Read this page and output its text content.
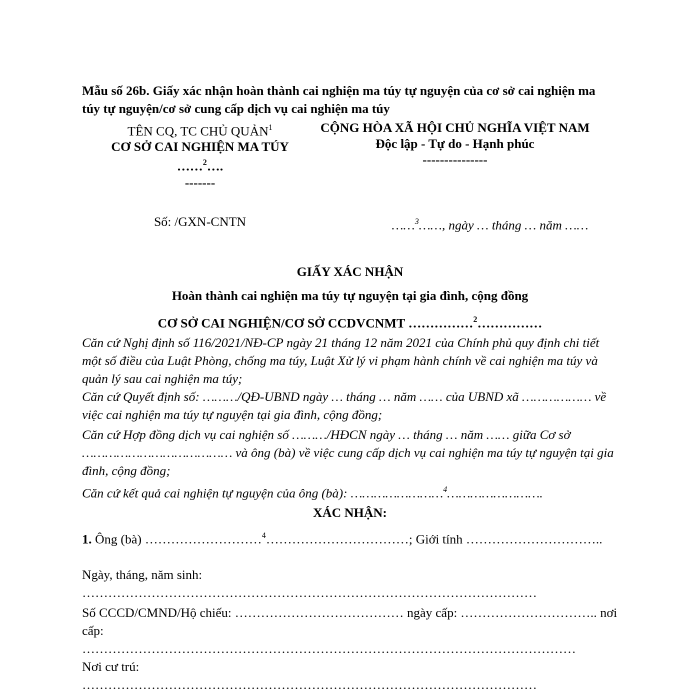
Mẫu số 26b. Giấy xác nhận hoàn thành cai nghiện ma túy tự nguyện của cơ sở cai nghiện ma túy tự nguyện/cơ sở cung cấp dịch vụ cai nghiện ma túy
TÊN CQ, TC CHỦ QUẢN$^1$
CƠ SỞ CAI NGHIỆN MA TÚY
……$^2$….
-------
CỘNG HÒA XÃ HỘI CHỦ NGHĨA VIỆT NAM
Độc lập - Tự do - Hạnh phúc
---------------
Số: /GXN-CNTN	……$^3$……, ngày … tháng … năm ……
GIẤY XÁC NHẬN
Hoàn thành cai nghiện ma túy tự nguyện tại gia đình, cộng đồng
CƠ SỞ CAI NGHIỆN/CƠ SỞ CCDVCNMT ……………$^2$……………
Căn cứ Nghị định số 116/2021/NĐ-CP ngày 21 tháng 12 năm 2021 của Chính phủ quy định chi tiết một số điều của Luật Phòng, chống ma túy, Luật Xử lý vi phạm hành chính về cai nghiện ma túy và quản lý sau cai nghiện ma túy;
Căn cứ Quyết định số: ………/QĐ-UBND ngày … tháng … năm …… của UBND xã ……………… về việc cai nghiện ma túy tự nguyện tại gia đình, cộng đồng;
Căn cứ Hợp đồng dịch vụ cai nghiện số ………/HĐCN ngày … tháng … năm …… giữa Cơ sở ………………………………… và ông (bà) về việc cung cấp dịch vụ cai nghiện ma túy tự nguyện tại gia đình, cộng đồng;
Căn cứ kết quả cai nghiện tự nguyện của ông (bà): ……………………$^4$…………………….
XÁC NHẬN:
1. Ông (bà) ………………………$^4$……………………………; Giới tính …………………………..
Ngày, tháng, năm sinh:
……………………………………………………………………………………………
Số CCCD/CMND/Hộ chiếu: ………………………………… ngày cấp: ………………………….. nơi cấp:
……………………………………………………………………………………………………
Nơi cư trú:
……………………………………………………………………………………………
